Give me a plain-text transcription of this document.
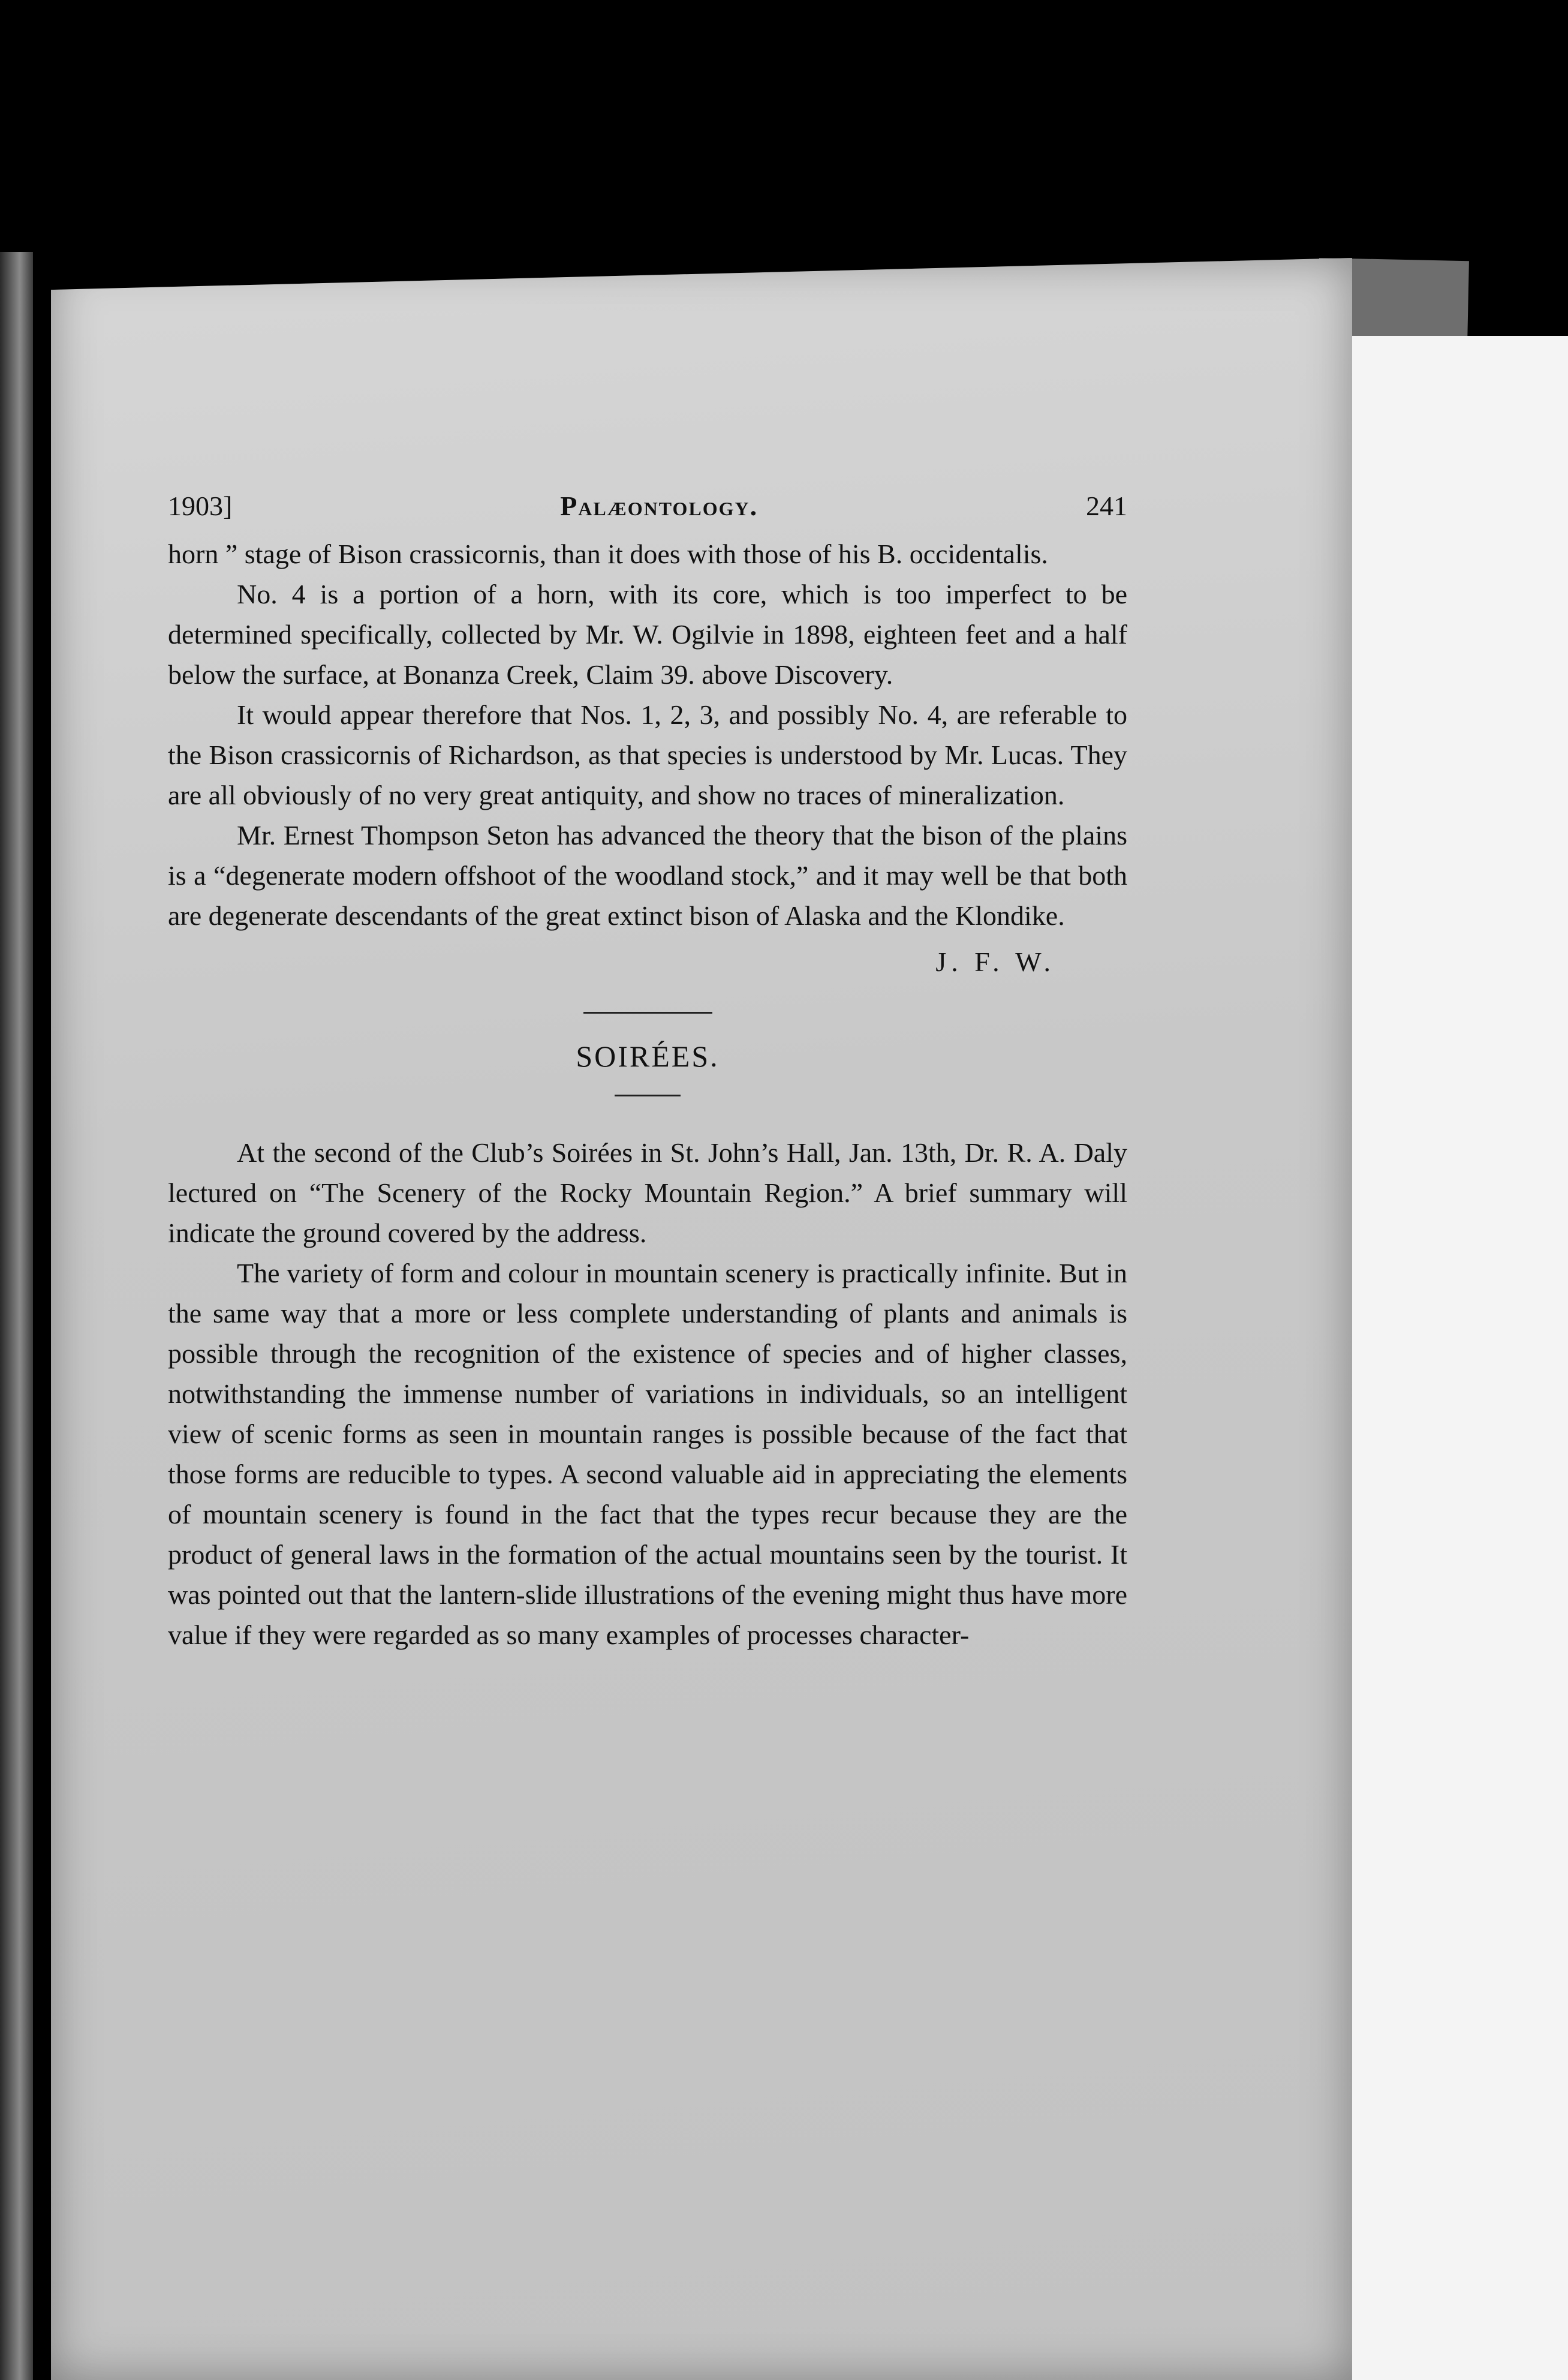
1903]	Palæontology.	241

horn ” stage of Bison crassicornis, than it does with those of his B. occidentalis.

No. 4 is a portion of a horn, with its core, which is too imperfect to be determined specifically, collected by Mr. W. Ogilvie in 1898, eighteen feet and a half below the surface, at Bonanza Creek, Claim 39. above Discovery.

It would appear therefore that Nos. 1, 2, 3, and possibly No. 4, are referable to the Bison crassicornis of Richardson, as that species is understood by Mr. Lucas. They are all obviously of no very great antiquity, and show no traces of mineralization.

Mr. Ernest Thompson Seton has advanced the theory that the bison of the plains is a “degenerate modern offshoot of the woodland stock,” and it may well be that both are degenerate descendants of the great extinct bison of Alaska and the Klondike.

J. F. W.
SOIRÉES.

At the second of the Club’s Soirées in St. John’s Hall, Jan. 13th, Dr. R. A. Daly lectured on “The Scenery of the Rocky Mountain Region.” A brief summary will indicate the ground covered by the address.

The variety of form and colour in mountain scenery is practically infinite. But in the same way that a more or less complete understanding of plants and animals is possible through the recognition of the existence of species and of higher classes, notwithstanding the immense number of variations in individuals, so an intelligent view of scenic forms as seen in mountain ranges is possible because of the fact that those forms are reducible to types. A second valuable aid in appreciating the elements of mountain scenery is found in the fact that the types recur because they are the product of general laws in the formation of the actual mountains seen by the tourist. It was pointed out that the lantern-slide illustrations of the evening might thus have more value if they were regarded as so many examples of processes character-
